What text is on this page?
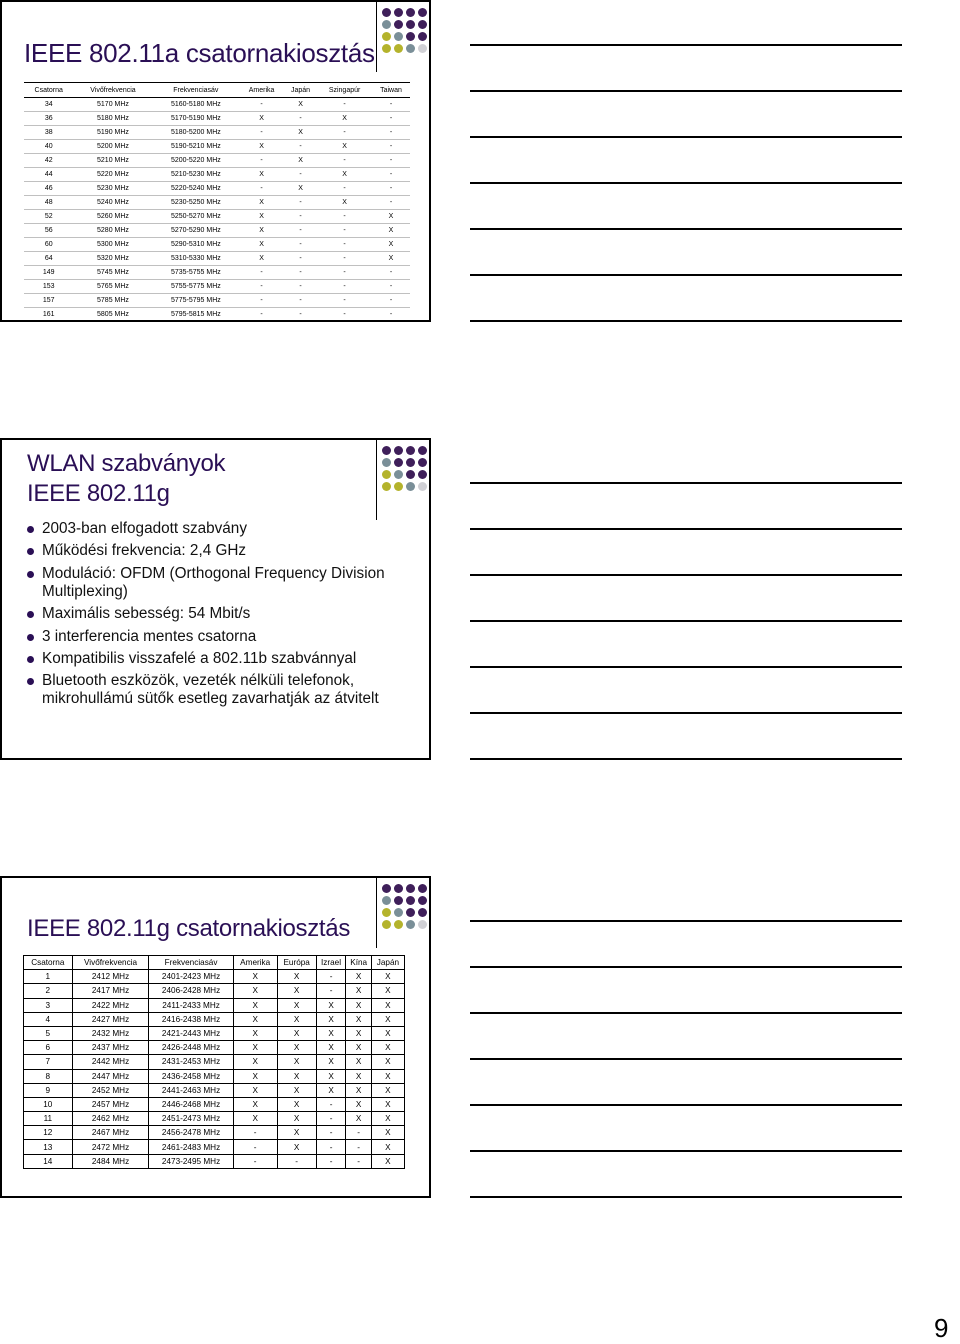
IEEE 802.11a csatornakiosztás
Csatorna	Vivőfrekvencia	Frekvenciasáv	Amerika	Japán	Szingapúr	Taiwan
34	5170 MHz	5160-5180 MHz	-	X	-	-
36	5180 MHz	5170-5190 MHz	X	-	X	-
38	5190 MHz	5180-5200 MHz	-	X	-	-
40	5200 MHz	5190-5210 MHz	X	-	X	-
42	5210 MHz	5200-5220 MHz	-	X	-	-
44	5220 MHz	5210-5230 MHz	X	-	X	-
46	5230 MHz	5220-5240 MHz	-	X	-	-
48	5240 MHz	5230-5250 MHz	X	-	X	-
52	5260 MHz	5250-5270 MHz	X	-	-	X
56	5280 MHz	5270-5290 MHz	X	-	-	X
60	5300 MHz	5290-5310 MHz	X	-	-	X
64	5320 MHz	5310-5330 MHz	X	-	-	X
149	5745 MHz	5735-5755 MHz	-	-	-	-
153	5765 MHz	5755-5775 MHz	-	-	-	-
157	5785 MHz	5775-5795 MHz	-	-	-	-
161	5805 MHz	5795-5815 MHz	-	-	-	-
WLAN szabványok
IEEE 802.11g
2003-ban elfogadott szabvány
Működési frekvencia: 2,4 GHz
Moduláció: OFDM (Orthogonal Frequency Division Multiplexing)
Maximális sebesség: 54 Mbit/s
3 interferencia mentes csatorna
Kompatibilis visszafelé a 802.11b szabvánnyal
Bluetooth eszközök, vezeték nélküli telefonok, mikrohullámú sütők esetleg zavarhatják az átvitelt
IEEE 802.11g csatornakiosztás
Csatorna	Vivőfrekvencia	Frekvenciasáv	Amerika	Európa	Izrael	Kína	Japán
1	2412 MHz	2401-2423 MHz	X	X	-	X	X
2	2417 MHz	2406-2428 MHz	X	X	-	X	X
3	2422 MHz	2411-2433 MHz	X	X	X	X	X
4	2427 MHz	2416-2438 MHz	X	X	X	X	X
5	2432 MHz	2421-2443 MHz	X	X	X	X	X
6	2437 MHz	2426-2448 MHz	X	X	X	X	X
7	2442 MHz	2431-2453 MHz	X	X	X	X	X
8	2447 MHz	2436-2458 MHz	X	X	X	X	X
9	2452 MHz	2441-2463 MHz	X	X	X	X	X
10	2457 MHz	2446-2468 MHz	X	X	-	X	X
11	2462 MHz	2451-2473 MHz	X	X	-	X	X
12	2467 MHz	2456-2478 MHz	-	X	-	-	X
13	2472 MHz	2461-2483 MHz	-	X	-	-	X
14	2484 MHz	2473-2495 MHz	-	-	-	-	X
9
